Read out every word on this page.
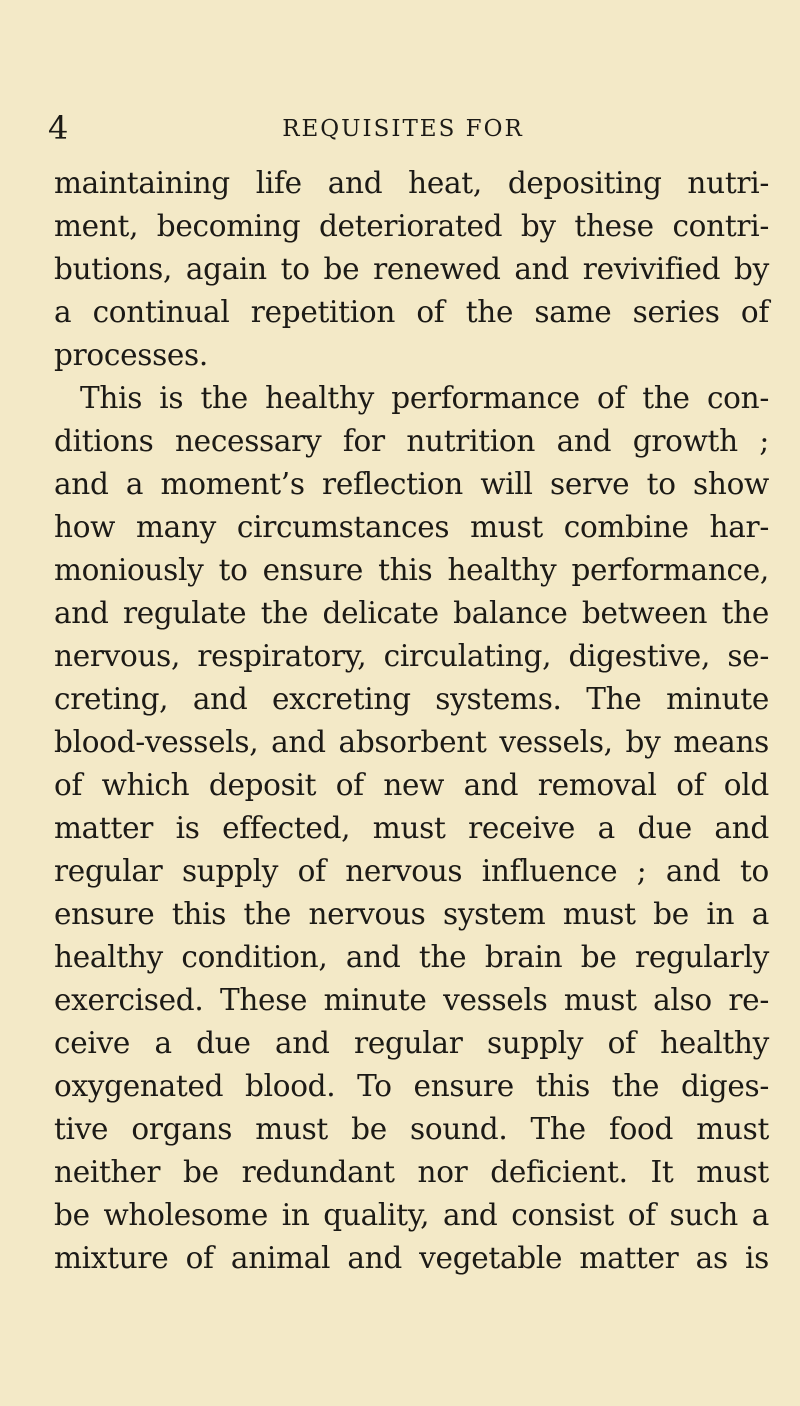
4	REQUISITES FOR
maintaining life and heat, depositing nutri-
ment, becoming deteriorated by these contri-
butions, again to be renewed and revivified by
a continual repetition of the same series of
processes.
This is the healthy performance of the con-
ditions necessary for nutrition and growth ;
and a moment’s reflection will serve to show
how many circumstances must combine har-
moniously to ensure this healthy performance,
and regulate the delicate balance between the
nervous, respiratory, circulating, digestive, se-
creting, and excreting systems. The minute
blood-vessels, and absorbent vessels, by means
of which deposit of new and removal of old
matter is effected, must receive a due and
regular supply of nervous influence ; and to
ensure this the nervous system must be in a
healthy condition, and the brain be regularly
exercised. These minute vessels must also re-
ceive a due and regular supply of healthy
oxygenated blood. To ensure this the diges-
tive organs must be sound. The food must
neither be redundant nor deficient. It must
be wholesome in quality, and consist of such a
mixture of animal and vegetable matter as is
